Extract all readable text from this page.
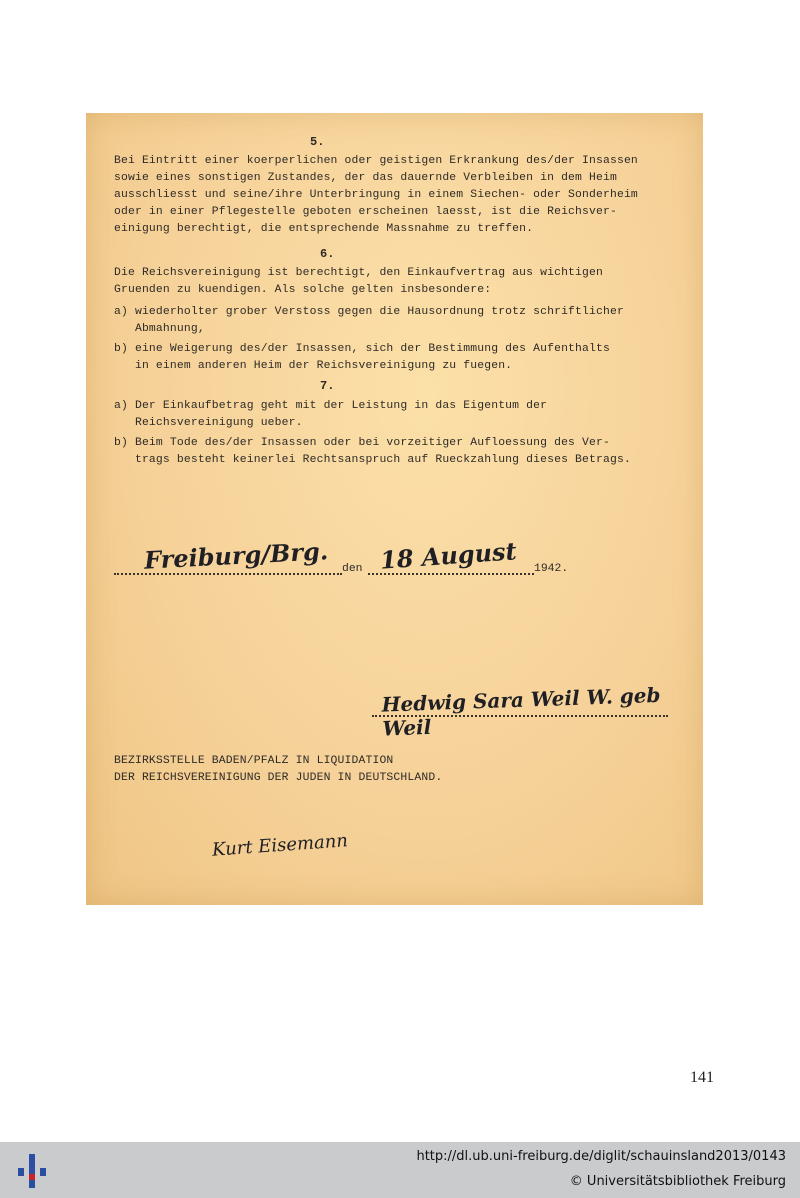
5.
Bei Eintritt einer koerperlichen oder geistigen Erkrankung des/der Insassen
sowie eines sonstigen Zustandes, der das dauernde Verbleiben in dem Heim
ausschliesst und seine/ihre Unterbringung in einem Siechen- oder Sonderheim
oder in einer Pflegestelle geboten erscheinen laesst, ist die Reichsver-
einigung berechtigt, die entsprechende Massnahme zu treffen.
6.
Die Reichsvereinigung ist berechtigt, den Einkaufvertrag aus wichtigen
Gruenden zu kuendigen. Als solche gelten insbesondere:
a) wiederholter grober Verstoss gegen die Hausordnung trotz schriftlicher
Abmahnung,
b) eine Weigerung des/der Insassen, sich der Bestimmung des Aufenthalts
in einem anderen Heim der Reichsvereinigung zu fuegen.
7.
a) Der Einkaufbetrag geht mit der Leistung in das Eigentum der
Reichsvereinigung ueber.
b) Beim Tode des/der Insassen oder bei vorzeitiger Aufloessung des Ver-
trags besteht keinerlei Rechtsanspruch auf Rueckzahlung dieses Betrags.
Freiburg/Brg. den 18 August 1942.
Hedwig Sara Weil W. geb Weil
BEZIRKSSTELLE BADEN/PFALZ IN LIQUIDATION
DER REICHSVEREINIGUNG DER JUDEN IN DEUTSCHLAND.
Kurt Eisemann
141
http://dl.ub.uni-freiburg.de/diglit/schauinsland2013/0143
© Universitätsbibliothek Freiburg
